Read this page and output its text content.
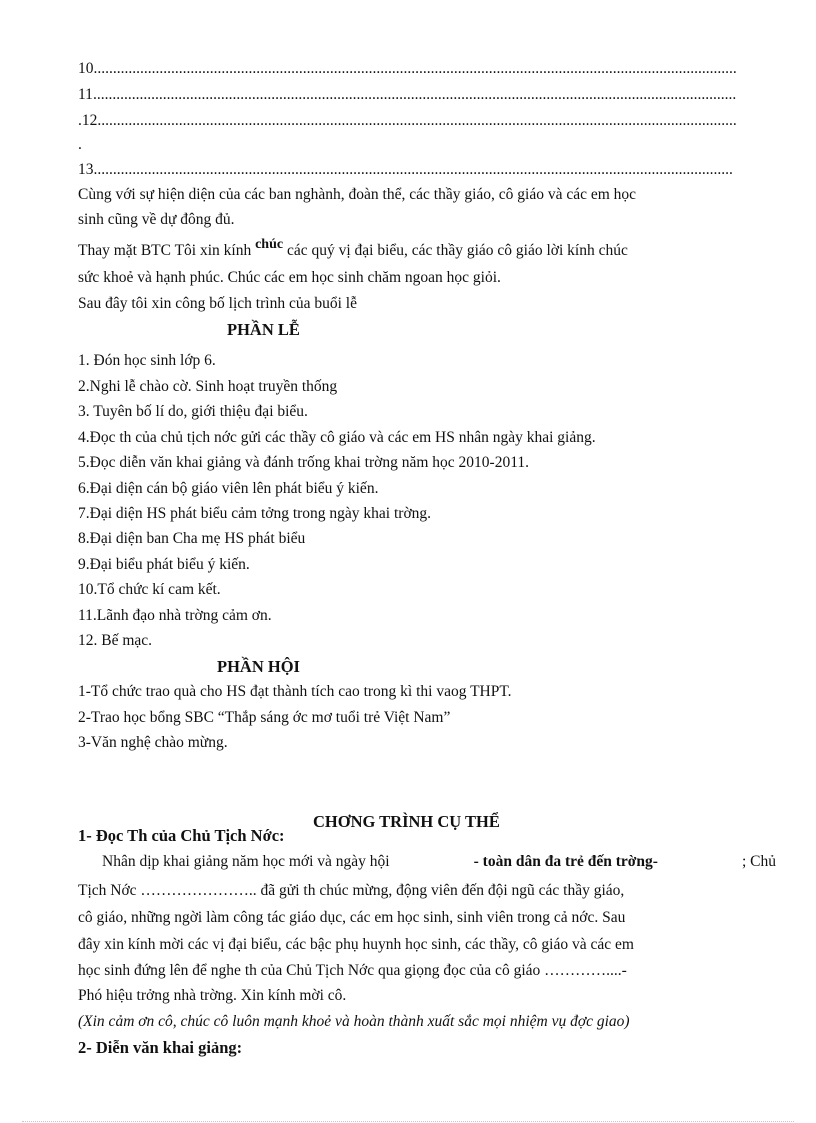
10......................................................................................................................................................................
11......................................................................................................................................................................
.12.....................................................................................................................................................................
.
13.....................................................................................................................................................................
Cùng với sự hiện diện của các ban nghành, đoàn thể, các thầy giáo, cô giáo và các em học
sinh cũng về dự đông đủ.
Thay mặt BTC Tôi xin kính chúc các quý vị đại biểu, các thầy giáo cô giáo lời kính chúc
sức khoẻ và hạnh phúc. Chúc các em học sinh chăm ngoan học giỏi.
Sau đây tôi xin công bố lịch trình của buổi lễ
PHẦN LỄ
1. Đón học sinh lớp 6.
2.Nghi lễ chào cờ. Sinh hoạt truyền thống
3. Tuyên bố lí do, giới thiệu đại biểu.
4.Đọc th của chủ tịch nớc gửi các thầy cô giáo và các em HS nhân ngày khai giảng.
5.Đọc diễn văn khai giảng và đánh trống khai trờng năm học 2010-2011.
6.Đại diện cán bộ giáo viên lên phát biểu ý kiến.
7.Đại diện HS phát biểu cảm tởng trong ngày khai trờng.
8.Đại diện ban Cha mẹ HS phát biểu
9.Đại biểu phát biểu ý kiến.
10.Tổ chức kí cam kết.
11.Lãnh đạo nhà trờng cảm ơn.
12. Bế mạc.
PHẦN HỘI
1-Tổ chức trao quà cho HS đạt thành tích cao trong kì thi vaog THPT.
2-Trao học bổng SBC “Thắp sáng ớc mơ tuổi trẻ Việt Nam”
3-Văn nghệ chào mừng.
CHƠNG TRÌNH CỤ THỂ
1- Đọc Th của Chủ Tịch Nớc:
Nhân dịp khai giảng năm học mới và ngày hội	- toàn dân đa trẻ đến trờng-	; Chủ
Tịch Nớc ………………….. đã gửi th chúc mừng, động viên đến đội ngũ các thầy giáo,
cô giáo, những ngời làm công tác giáo dục, các em học sinh, sinh viên trong cả nớc. Sau
đây xin kính mời các vị đại biểu, các bậc phụ huynh học sinh, các thầy, cô giáo và các em
học sinh đứng lên để nghe th của Chủ Tịch Nớc qua giọng đọc của cô giáo …………....-
Phó hiệu trởng nhà trờng. Xin kính mời cô.
(Xin cảm ơn cô, chúc cô luôn mạnh khoẻ và hoàn thành xuất sắc mọi nhiệm vụ đợc giao)
2- Diễn văn khai giảng:
